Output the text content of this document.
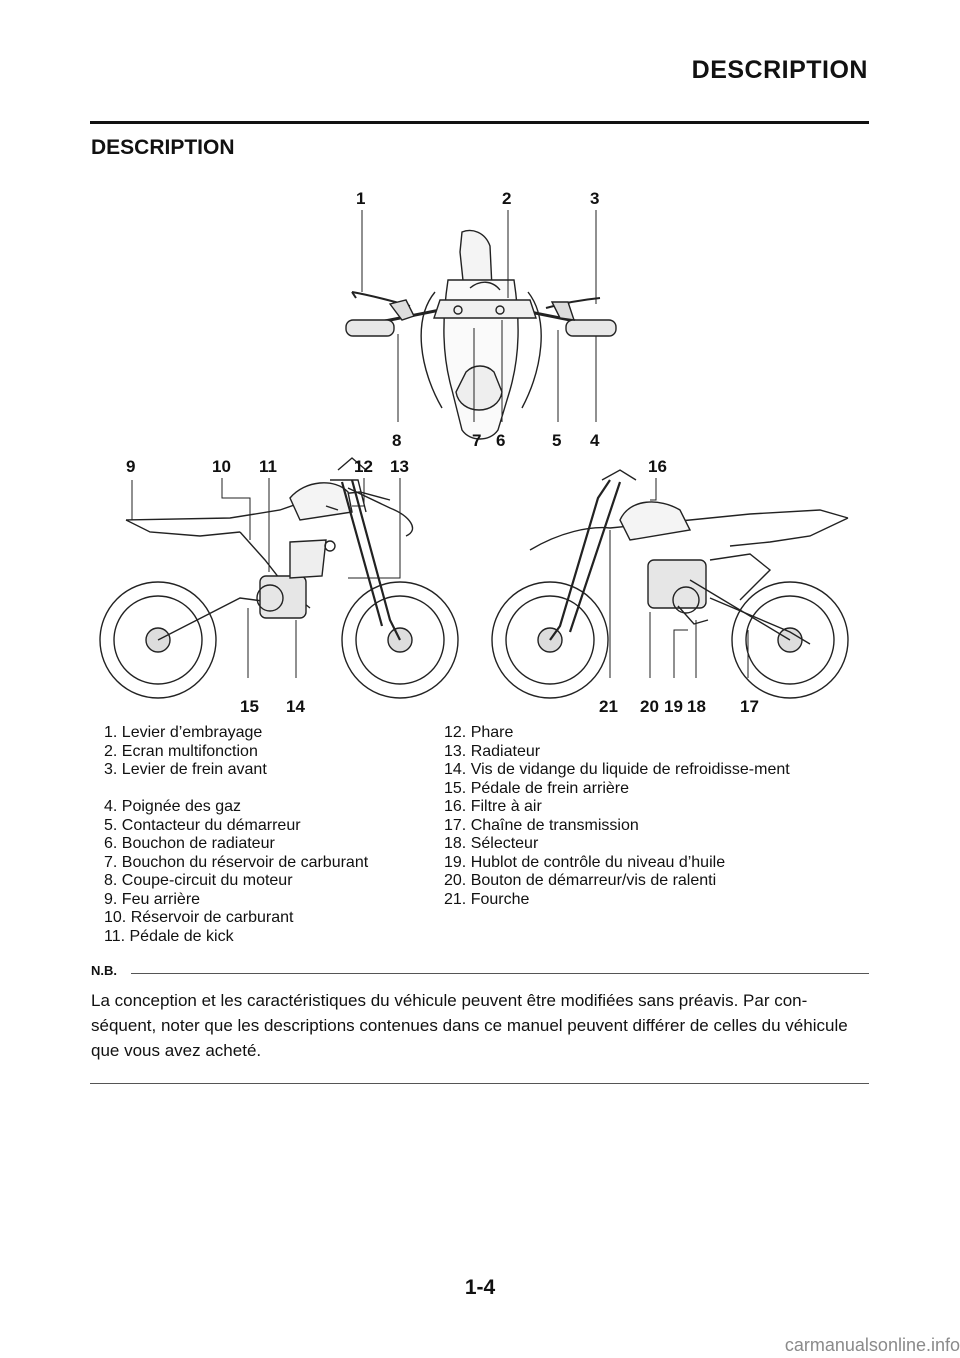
DESCRIPTION
DESCRIPTION
1	2	3
8	7 6	5 4
9	10 11	12 13	16
15 14	21 20 19 18 17

1. Levier d’embrayage

2. Ecran multifonction

3. Levier de frein avant

4. Poignée des gaz

5. Contacteur du démarreur

6. Bouchon de radiateur

7. Bouchon du réservoir de carburant

8. Coupe-circuit du moteur

9. Feu arrière

10. Réservoir de carburant

11. Pédale de kick

12. Phare

13. Radiateur

14. Vis de vidange du liquide de refroidisse-ment

15. Pédale de frein arrière

16. Filtre à air

17. Chaîne de transmission

18. Sélecteur

19. Hublot de contrôle du niveau d’huile

20. Bouton de démarreur/vis de ralenti

21. Fourche

N.B.
La conception et les caractéristiques du véhicule peuvent être modifiées sans préavis. Par con-séquent, noter que les descriptions contenues dans ce manuel peuvent différer de celles du véhicule que vous avez acheté.
1-4
carmanualsonline.info
